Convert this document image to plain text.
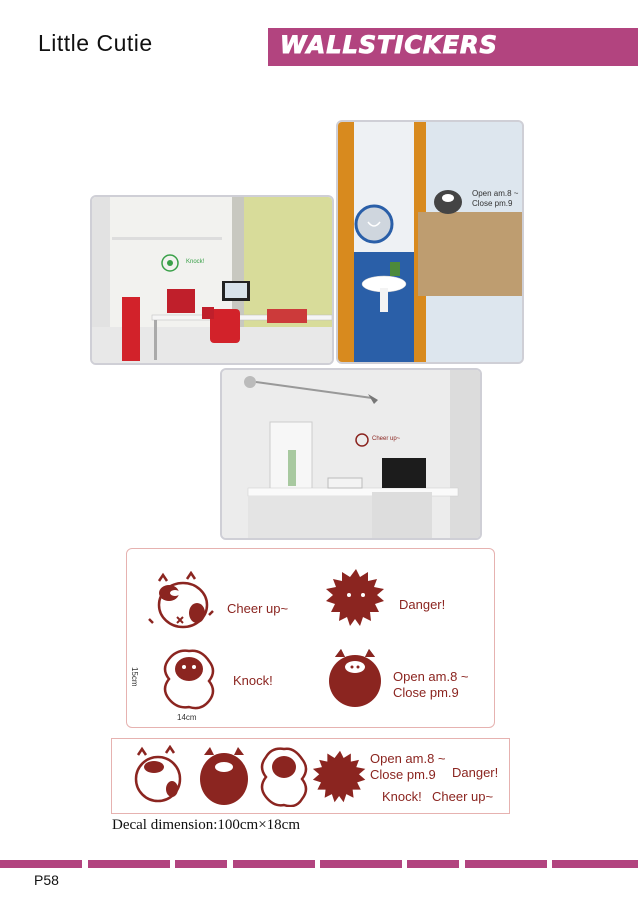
Little Cutie	WALLSTICKERS
Knock!
Open am.8 ~
Close pm.9
Cheer up~
Cheer up~	Danger!
15cm
14cm
Knock!	Open am.8 ~
Close pm.9
Open am.8 ~
Close pm.9	Danger!
Knock! Cheer up~
Decal dimension:100cm×18cm
P58
